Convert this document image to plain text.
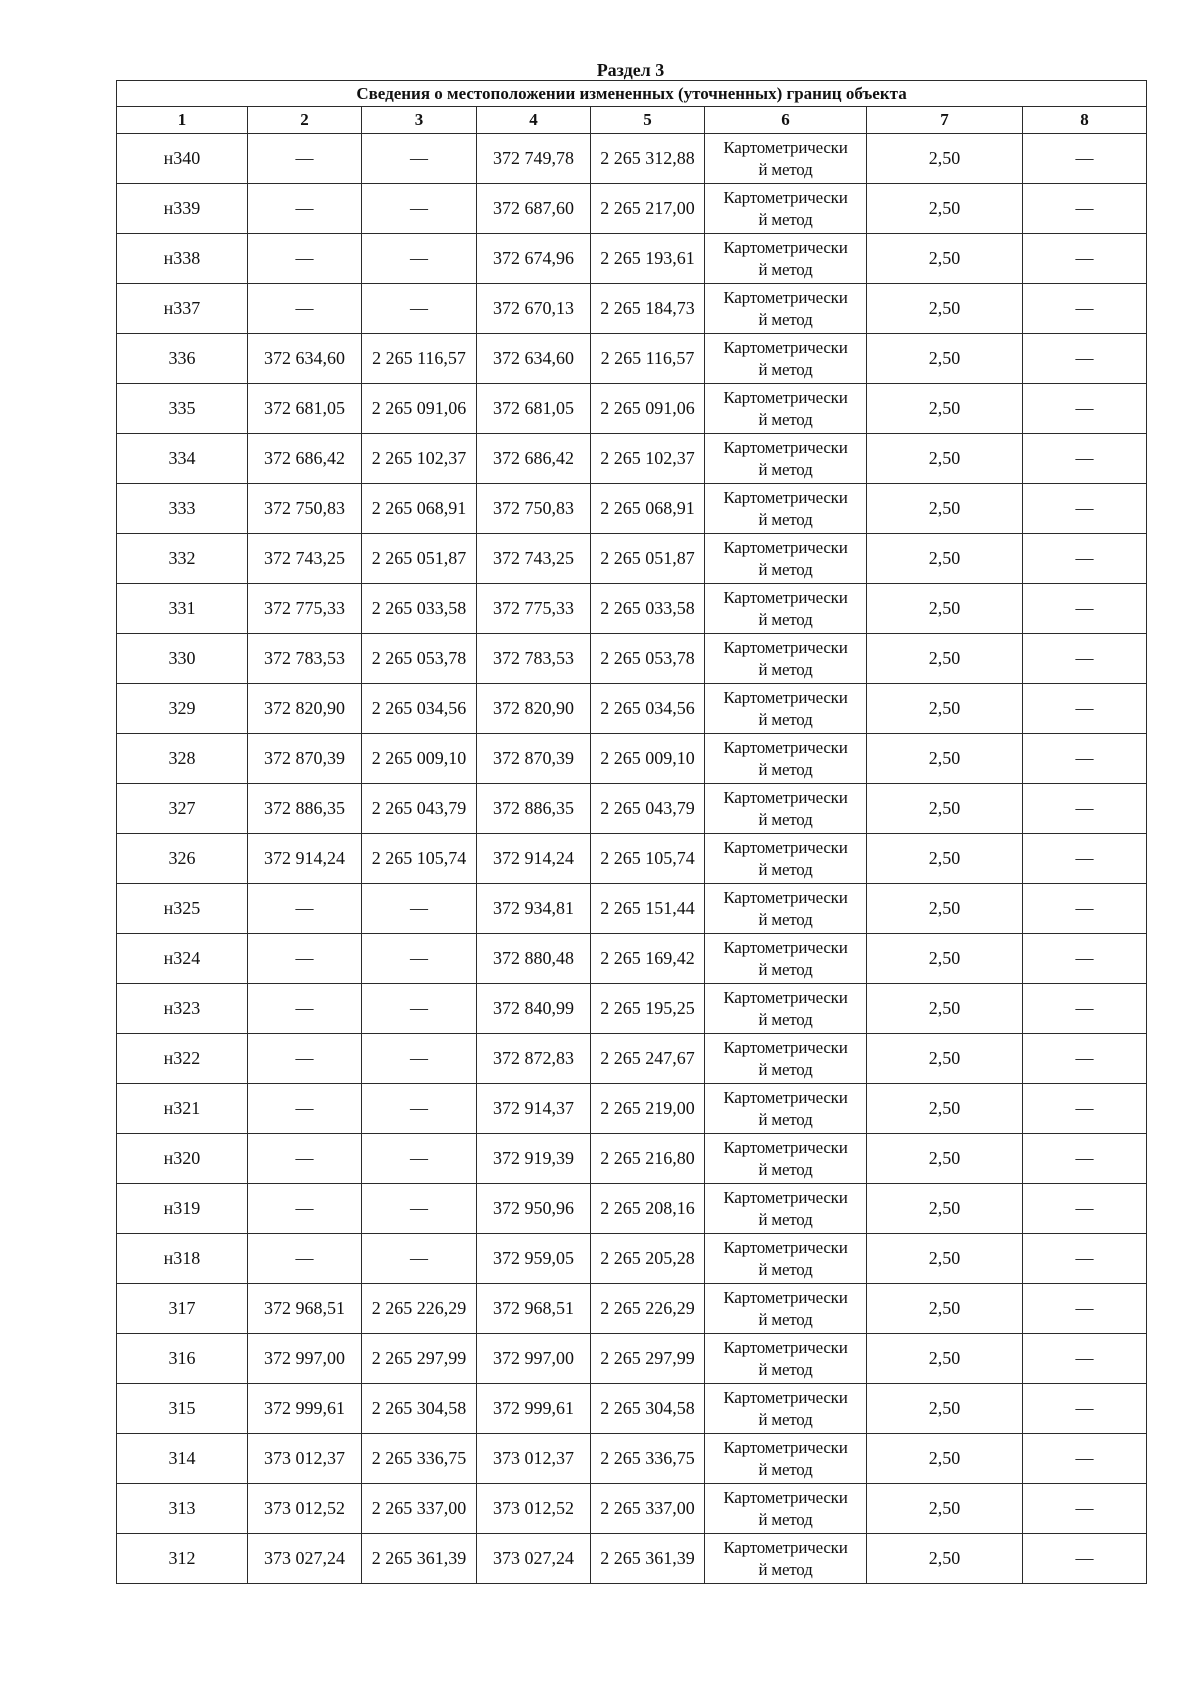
Раздел 3
Сведения о местоположении измененных (уточненных) границ объекта							
1	2	3	4	5	6	7	8
н340	—	—	372 749,78	2 265 312,88	Картометрически
й метод	2,50	—
н339	—	—	372 687,60	2 265 217,00	Картометрически
й метод	2,50	—
н338	—	—	372 674,96	2 265 193,61	Картометрически
й метод	2,50	—
н337	—	—	372 670,13	2 265 184,73	Картометрически
й метод	2,50	—
336	372 634,60	2 265 116,57	372 634,60	2 265 116,57	Картометрически
й метод	2,50	—
335	372 681,05	2 265 091,06	372 681,05	2 265 091,06	Картометрически
й метод	2,50	—
334	372 686,42	2 265 102,37	372 686,42	2 265 102,37	Картометрически
й метод	2,50	—
333	372 750,83	2 265 068,91	372 750,83	2 265 068,91	Картометрически
й метод	2,50	—
332	372 743,25	2 265 051,87	372 743,25	2 265 051,87	Картометрически
й метод	2,50	—
331	372 775,33	2 265 033,58	372 775,33	2 265 033,58	Картометрически
й метод	2,50	—
330	372 783,53	2 265 053,78	372 783,53	2 265 053,78	Картометрически
й метод	2,50	—
329	372 820,90	2 265 034,56	372 820,90	2 265 034,56	Картометрически
й метод	2,50	—
328	372 870,39	2 265 009,10	372 870,39	2 265 009,10	Картометрически
й метод	2,50	—
327	372 886,35	2 265 043,79	372 886,35	2 265 043,79	Картометрически
й метод	2,50	—
326	372 914,24	2 265 105,74	372 914,24	2 265 105,74	Картометрически
й метод	2,50	—
н325	—	—	372 934,81	2 265 151,44	Картометрически
й метод	2,50	—
н324	—	—	372 880,48	2 265 169,42	Картометрически
й метод	2,50	—
н323	—	—	372 840,99	2 265 195,25	Картометрически
й метод	2,50	—
н322	—	—	372 872,83	2 265 247,67	Картометрически
й метод	2,50	—
н321	—	—	372 914,37	2 265 219,00	Картометрически
й метод	2,50	—
н320	—	—	372 919,39	2 265 216,80	Картометрически
й метод	2,50	—
н319	—	—	372 950,96	2 265 208,16	Картометрически
й метод	2,50	—
н318	—	—	372 959,05	2 265 205,28	Картометрически
й метод	2,50	—
317	372 968,51	2 265 226,29	372 968,51	2 265 226,29	Картометрически
й метод	2,50	—
316	372 997,00	2 265 297,99	372 997,00	2 265 297,99	Картометрически
й метод	2,50	—
315	372 999,61	2 265 304,58	372 999,61	2 265 304,58	Картометрически
й метод	2,50	—
314	373 012,37	2 265 336,75	373 012,37	2 265 336,75	Картометрически
й метод	2,50	—
313	373 012,52	2 265 337,00	373 012,52	2 265 337,00	Картометрически
й метод	2,50	—
312	373 027,24	2 265 361,39	373 027,24	2 265 361,39	Картометрически
й метод	2,50	—
